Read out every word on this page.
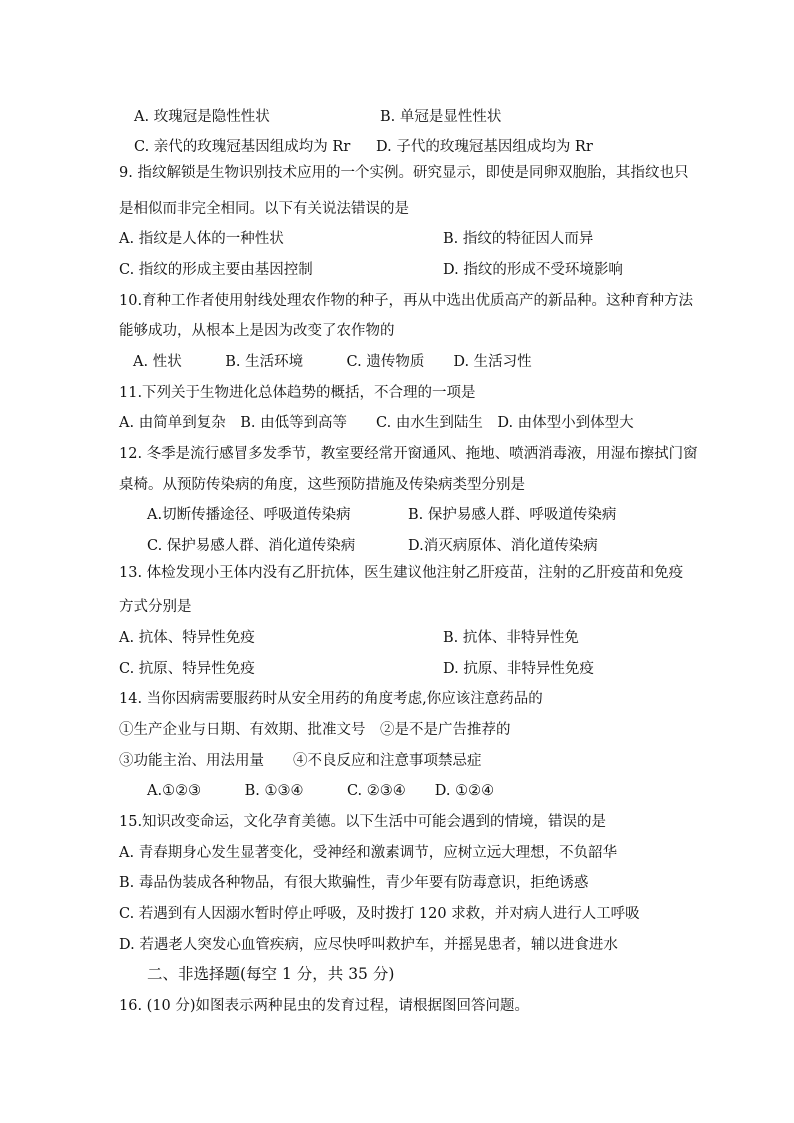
A. 玫瑰冠是隐性性状	B. 单冠是显性性状
C. 亲代的玫瑰冠基因组成均为 Rr D. 子代的玫瑰冠基因组成均为 Rr
9. 指纹解锁是生物识别技术应用的一个实例。研究显示，即使是同卵双胞胎，其指纹也只
是相似而非完全相同。以下有关说法错误的是
A. 指纹是人体的一种性状	B. 指纹的特征因人而异
C. 指纹的形成主要由基因控制	D. 指纹的形成不受环境影响
10.育种工作者使用射线处理农作物的种子，再从中选出优质高产的新品种。这种育种方法
能够成功，从根本上是因为改变了农作物的
A. 性状　　　B. 生活环境　　　C. 遗传物质　　D. 生活习性
11.下列关于生物进化总体趋势的概括，不合理的一项是
A. 由简单到复杂　B. 由低等到高等　　C. 由水生到陆生　D. 由体型小到体型大
12. 冬季是流行感冒多发季节，教室要经常开窗通风、拖地、喷洒消毒液，用湿布擦拭门窗
桌椅。从预防传染病的角度，这些预防措施及传染病类型分别是
A.切断传播途径、呼吸道传染病	B. 保护易感人群、呼吸道传染病
C. 保护易感人群、消化道传染病	D.消灭病原体、消化道传染病
13. 体检发现小王体内没有乙肝抗体，医生建议他注射乙肝疫苗，注射的乙肝疫苗和免疫
方式分别是
A. 抗体、特异性免疫	B. 抗体、非特异性免
C. 抗原、特异性免疫	D. 抗原、非特异性免疫
14. 当你因病需要服药时从安全用药的角度考虑,你应该注意药品的
①生产企业与日期、有效期、批准文号　②是不是广告推荐的
③功能主治、用法用量　　④不良反应和注意事项禁忌症
A.①②③　　　B. ①③④　　　C. ②③④　　D. ①②④
15.知识改变命运，文化孕育美德。以下生活中可能会遇到的情境，错误的是
A. 青春期身心发生显著变化，受神经和激素调节，应树立远大理想，不负韶华
B. 毒品伪装成各种物品，有很大欺骗性，青少年要有防毒意识，拒绝诱惑
C. 若遇到有人因溺水暂时停止呼吸，及时拨打 120 求救，并对病人进行人工呼吸
D. 若遇老人突发心血管疾病，应尽快呼叫救护车，并摇晃患者，辅以进食进水
二、非选择题(每空 1 分，共 35 分)
16. (10 分)如图表示两种昆虫的发育过程，请根据图回答问题。
